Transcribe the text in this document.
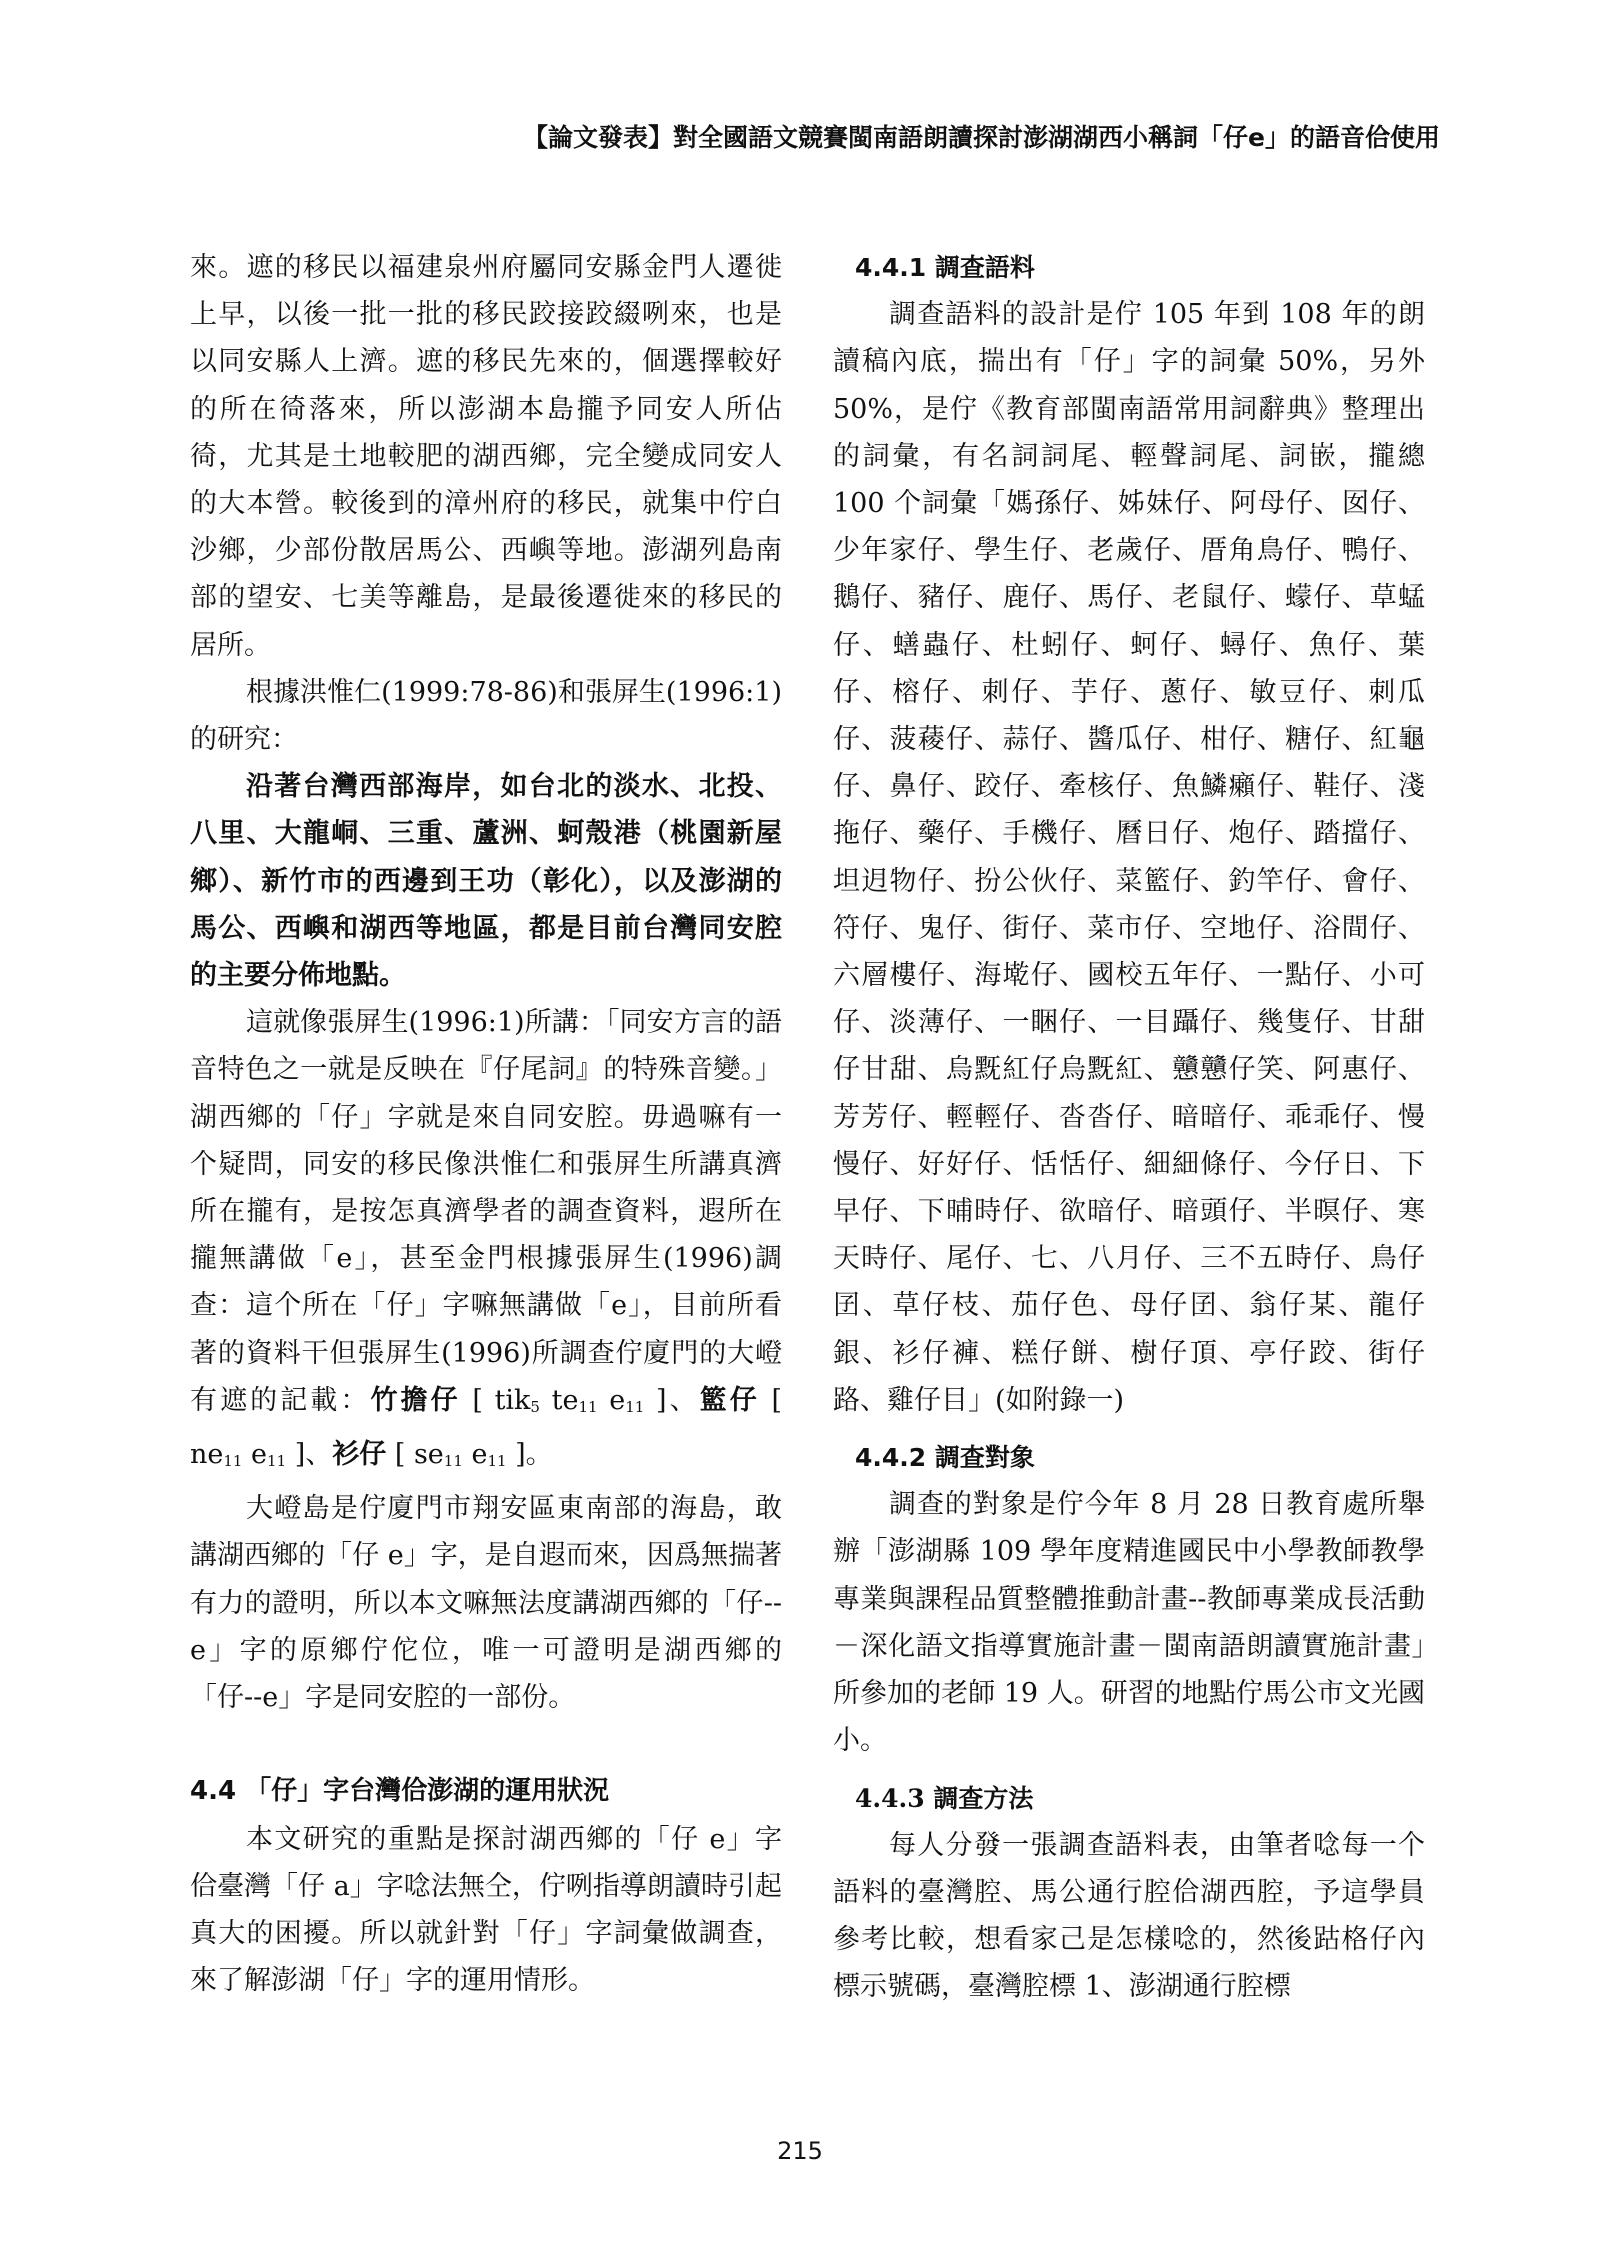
【論文發表】對全國語文競賽閩南語朗讀探討澎湖湖西小稱詞「仔e」的語音佮使用

來。遮的移民以福建泉州府屬同安縣金門人遷徙上早，以後一批一批的移民跤接跤綴咧來，也是以同安縣人上濟。遮的移民先來的，個選擇較好的所在徛落來，所以澎湖本島攏予同安人所佔徛，尤其是土地較肥的湖西鄉，完全變成同安人的大本營。較後到的漳州府的移民，就集中佇白沙鄉，少部份散居馬公、西嶼等地。澎湖列島南部的望安、七美等離島，是最後遷徙來的移民的居所。

根據洪惟仁(1999:78-86)和張屏生(1996:1)的研究：

沿著台灣西部海岸，如台北的淡水、北投、八里、大龍峒、三重、蘆洲、蚵殼港（桃園新屋鄉）、新竹市的西邊到王功（彰化），以及澎湖的馬公、西嶼和湖西等地區，都是目前台灣同安腔的主要分佈地點。

這就像張屏生(1996:1)所講：「同安方言的語音特色之一就是反映在『仔尾詞』的特殊音變。」湖西鄉的「仔」字就是來自同安腔。毋過嘛有一个疑問，同安的移民像洪惟仁和張屏生所講真濟所在攏有，是按怎真濟學者的調查資料，遐所在攏無講做「e」，甚至金門根據張屏生(1996)調查：這个所在「仔」字嘛無講做「e」，目前所看著的資料干但張屏生(1996)所調查佇廈門的大嶝有遮的記載：竹擔仔 [ tik$_5$ $te_{11}$ $e_{11}$ ]、籃仔 [ $ne_{11}$ $e_{11}$ ]、衫仔 [ $se_{11}$ $e_{11}$ ]。

大嶝島是佇廈門市翔安區東南部的海島，敢講湖西鄉的「仔 e」字，是自遐而來，因爲無揣著有力的證明，所以本文嘛無法度講湖西鄉的「仔--e」字的原鄉佇佗位，唯一可證明是湖西鄉的「仔--e」字是同安腔的一部份。

4.4 「仔」字台灣佮澎湖的運用狀況

本文研究的重點是探討湖西鄉的「仔 e」字佮臺灣「仔 a」字唸法無仝，佇咧指導朗讀時引起真大的困擾。所以就針對「仔」字詞彙做調查，來了解澎湖「仔」字的運用情形。

4.4.1 調查語料

調查語料的設計是佇 105 年到 108 年的朗讀稿內底，揣出有「仔」字的詞彙 50%，另外 50%，是佇《教育部閩南語常用詞辭典》整理出的詞彙，有名詞詞尾、輕聲詞尾、詞嵌，攏總 100 个詞彙「媽孫仔、姊妹仔、阿母仔、囡仔、少年家仔、學生仔、老歲仔、厝角鳥仔、鴨仔、鵝仔、豬仔、鹿仔、馬仔、老鼠仔、蠓仔、草蜢仔、蟮蟲仔、杜蚓仔、蚵仔、蟳仔、魚仔、葉仔、榕仔、刺仔、芋仔、蔥仔、敏豆仔、刺瓜仔、菠薐仔、蒜仔、醬瓜仔、柑仔、糖仔、紅龜仔、鼻仔、跤仔、牽核仔、魚鱗癩仔、鞋仔、淺拖仔、藥仔、手機仔、曆日仔、炮仔、踏擋仔、坦迌物仔、扮公伙仔、菜籃仔、釣竿仔、會仔、符仔、鬼仔、街仔、菜市仔、空地仔、浴間仔、六層樓仔、海墘仔、國校五年仔、一點仔、小可仔、淡薄仔、一睏仔、一目躡仔、幾隻仔、甘甜仔甘甜、烏黖紅仔烏黖紅、戇戇仔笑、阿惠仔、芳芳仔、輕輕仔、沓沓仔、暗暗仔、乖乖仔、慢慢仔、好好仔、恬恬仔、細細條仔、今仔日、下早仔、下晡時仔、欲暗仔、暗頭仔、半暝仔、寒天時仔、尾仔、七、八月仔、三不五時仔、鳥仔囝、草仔枝、茄仔色、母仔囝、翁仔某、龍仔銀、衫仔褲、糕仔餅、樹仔頂、亭仔跤、街仔路、雞仔目」(如附錄一)

4.4.2 調查對象

調查的對象是佇今年 8 月 28 日教育處所舉辦「澎湖縣 109 學年度精進國民中小學教師教學專業與課程品質整體推動計畫--教師專業成長活動－深化語文指導實施計畫－閩南語朗讀實施計畫」所參加的老師 19 人。研習的地點佇馬公市文光國小。

4.4.3 調查方法

每人分發一張調查語料表，由筆者唸每一个語料的臺灣腔、馬公通行腔佮湖西腔，予這學員參考比較，想看家己是怎樣唸的，然後跍格仔內標示號碼，臺灣腔標 1、澎湖通行腔標

215
